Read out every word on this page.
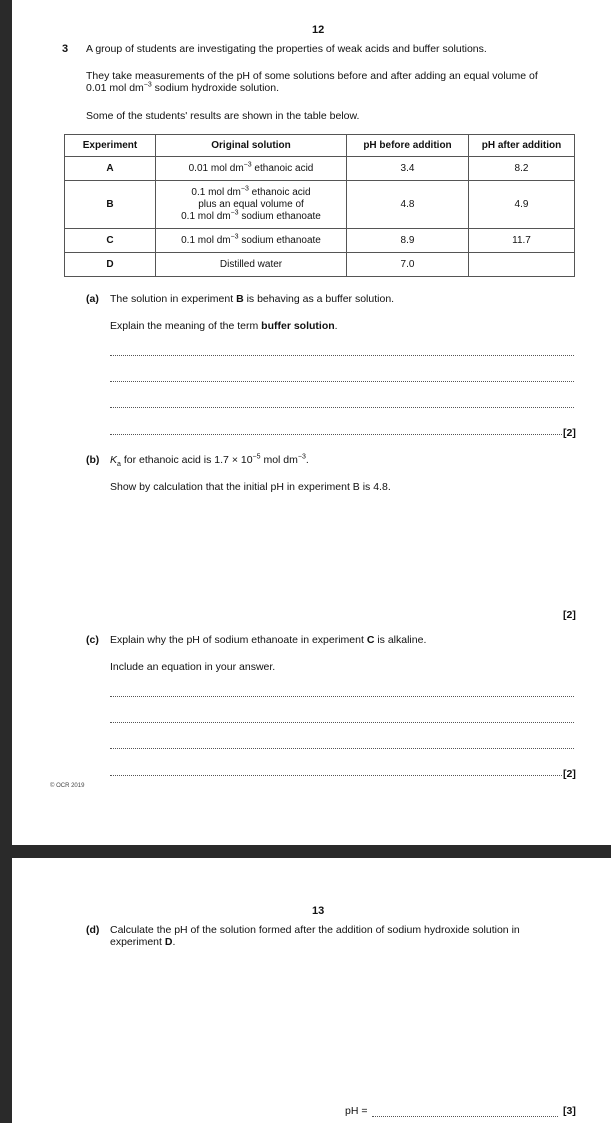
12
3 A group of students are investigating the properties of weak acids and buffer solutions.
They take measurements of the pH of some solutions before and after adding an equal volume of
0.01 mol $dm^{-3}$ sodium hydroxide solution.
Some of the students' results are shown in the table below.
Experiment	Original solution	pH before addition	pH after addition
A	0.01 mol $dm^{-3}$ ethanoic acid	3.4	8.2
B	0.1 mol $dm^{-3}$ ethanoic acid
plus an equal volume of
0.1 mol $dm^{-3}$ sodium ethanoate	4.8	4.9
C	0.1 mol $dm^{-3}$ sodium ethanoate	8.9	11.7
D	Distilled water	7.0	
(a) The solution in experiment B is behaving as a buffer solution.
Explain the meaning of the term buffer solution.
[2]
(b) $K_a$ for ethanoic acid is $1.7 \times 10^{-5}$ mol $dm^{-3}$.
Show by calculation that the initial pH in experiment B is 4.8.
[2]
(c) Explain why the pH of sodium ethanoate in experiment C is alkaline.
Include an equation in your answer.
[2]
© OCR 2019
13
(d) Calculate the pH of the solution formed after the addition of sodium hydroxide solution in
experiment D.
pH =	[3]
